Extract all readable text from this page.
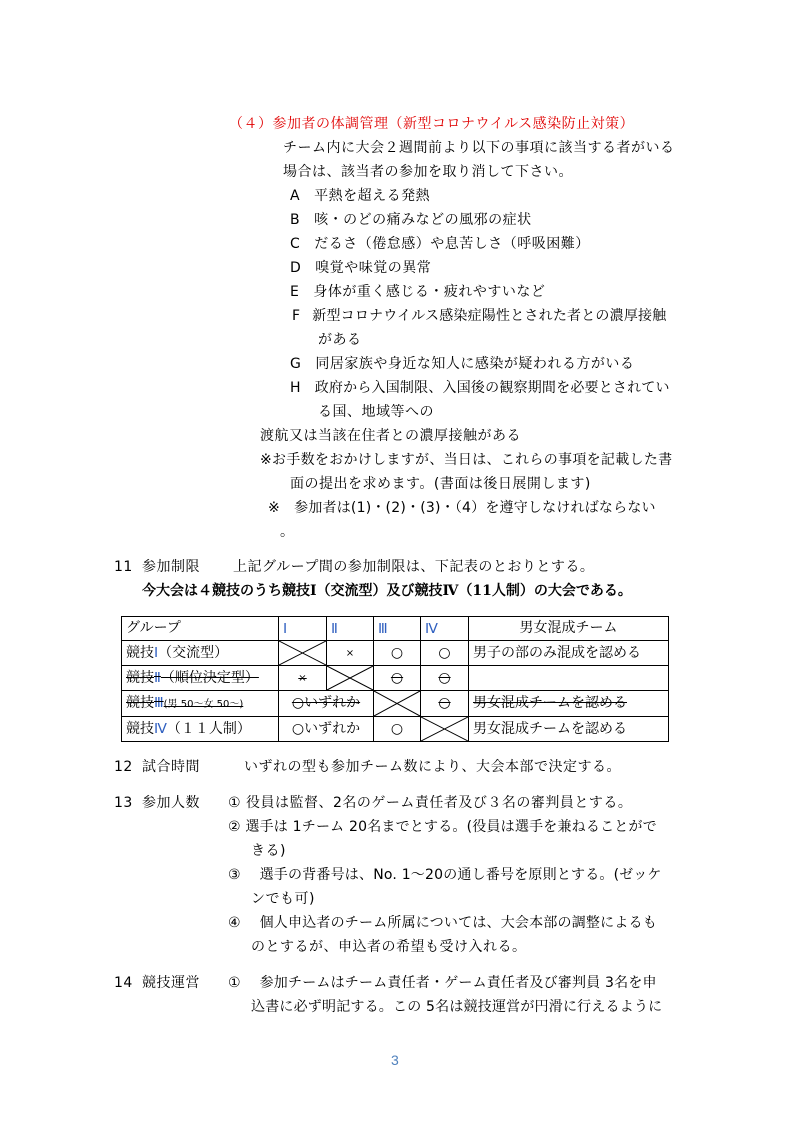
（４）参加者の体調管理（新型コロナウイルス感染防止対策）
チーム内に大会２週間前より以下の事項に該当する者がいる
場合は、該当者の参加を取り消して下さい。
A 平熱を超える発熱
B 咳・のどの痛みなどの風邪の症状
C だるさ（倦怠感）や息苦しさ（呼吸困難）
D 嗅覚や味覚の異常
E 身体が重く感じる・疲れやすいなど
F 新型コロナウイルス感染症陽性とされた者との濃厚接触
がある
G 同居家族や身近な知人に感染が疑われる方がいる
H 政府から入国制限、入国後の観察期間を必要とされてい
る国、地域等への
渡航又は当該在住者との濃厚接触がある
※お手数をおかけしますが、当日は、これらの事項を記載した書
面の提出を求めます。(書面は後日展開します)
※　参加者は(1)・(2)・(3)・（4）を遵守しなければならない
。
11 参加制限 上記グループ間の参加制限は、下記表のとおりとする。
今大会は４競技のうち競技Ⅰ（交流型）及び競技Ⅳ（11人制）の大会である。
グループ	Ⅰ	Ⅱ	Ⅲ	Ⅳ	男女混成チーム
競技Ⅰ（交流型）		×	○	○	男子の部のみ混成を認める
競技Ⅱ（順位決定型）	×		○	○	
競技Ⅲ(男 50～女 50～)	○いずれか			○	男女混成チームを認める
競技Ⅳ（１１人制）	○いずれか		○		男女混成チームを認める
12 試合時間	いずれの型も参加チーム数により、大会本部で決定する。
13 参加人数 ① 役員は監督、2名のゲーム責任者及び３名の審判員とする。
② 選手は 1チーム 20名までとする。(役員は選手を兼ねることがで
きる)
③　 選手の背番号は、No. 1～20の通し番号を原則とする。(ゼッケ
ンでも可)
④　 個人申込者のチーム所属については、大会本部の調整によるも
のとするが、申込者の希望も受け入れる。
14 競技運営 ①　 参加チームはチーム責任者・ゲーム責任者及び審判員 3名を申
込書に必ず明記する。この 5名は競技運営が円滑に行えるように
3
